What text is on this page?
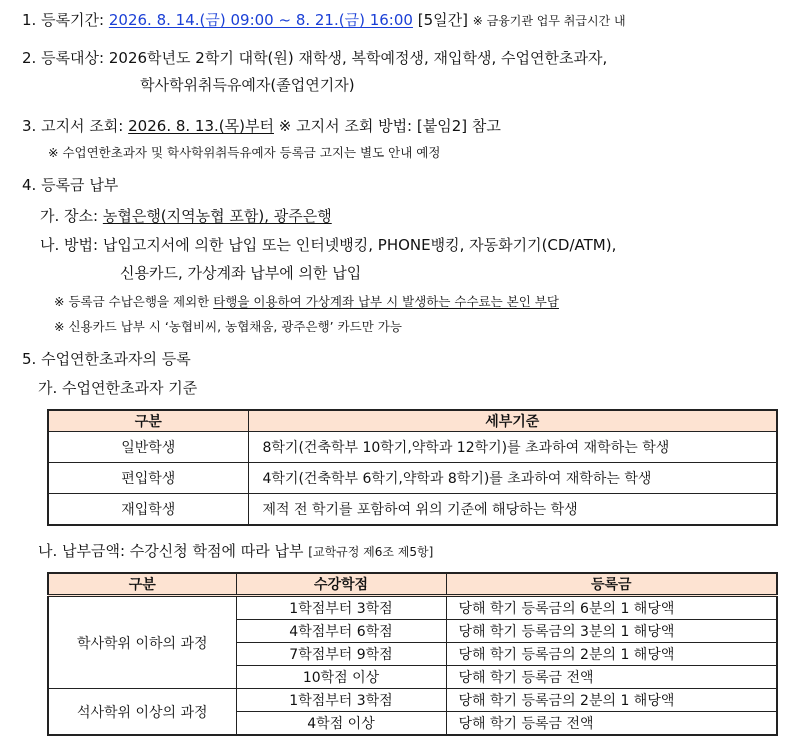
1. 등록기간: 2026. 8. 14.(금) 09:00 ~ 8. 21.(금) 16:00 [5일간] ※ 금융기관 업무 취급시간 내
2. 등록대상: 2026학년도 2학기 대학(원) 재학생, 복학예정생, 재입학생, 수업연한초과자,
학사학위취득유예자(졸업연기자)
3. 고지서 조회: 2026. 8. 13.(목)부터 ※ 고지서 조회 방법: [붙임2] 참고
※ 수업연한초과자 및 학사학위취득유예자 등록금 고지는 별도 안내 예정
4. 등록금 납부
가. 장소: 농협은행(지역농협 포함), 광주은행
나. 방법: 납입고지서에 의한 납입 또는 인터넷뱅킹, PHONE뱅킹, 자동화기기(CD/ATM),
신용카드, 가상계좌 납부에 의한 납입
※ 등록금 수납은행을 제외한 타행을 이용하여 가상계좌 납부 시 발생하는 수수료는 본인 부담
※ 신용카드 납부 시 ‘농협비씨, 농협채움, 광주은행’ 카드만 가능
5. 수업연한초과자의 등록
가. 수업연한초과자 기준
구분	세부기준
일반학생	8학기(건축학부 10학기,약학과 12학기)를 초과하여 재학하는 학생
편입학생	4학기(건축학부 6학기,약학과 8학기)를 초과하여 재학하는 학생
재입학생	제적 전 학기를 포함하여 위의 기준에 해당하는 학생
나. 납부금액: 수강신청 학점에 따라 납부 [교학규정 제6조 제5항]
구분	수강학점	등록금
학사학위 이하의 과정	1학점부터 3학점	당해 학기 등록금의 6분의 1 해당액
	4학점부터 6학점	당해 학기 등록금의 3분의 1 해당액
	7학점부터 9학점	당해 학기 등록금의 2분의 1 해당액
	10학점 이상	당해 학기 등록금 전액
석사학위 이상의 과정	1학점부터 3학점	당해 학기 등록금의 2분의 1 해당액
	4학점 이상	당해 학기 등록금 전액
